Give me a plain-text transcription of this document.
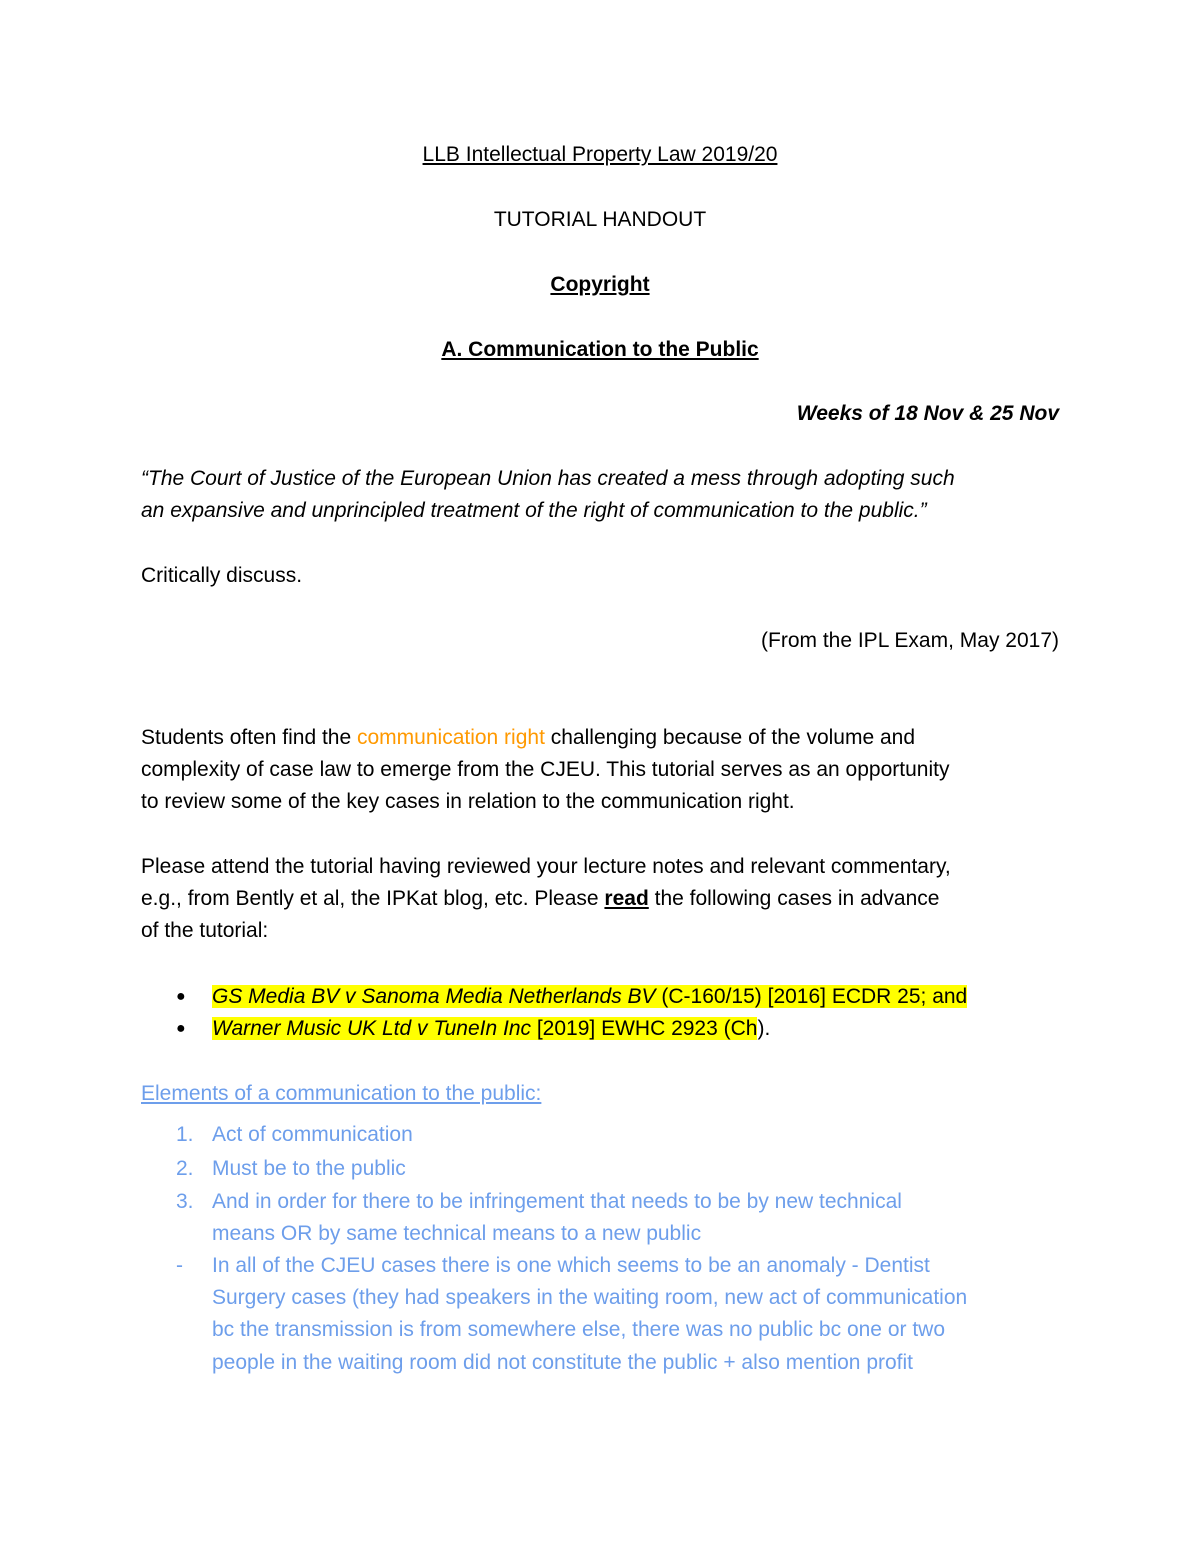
LLB Intellectual Property Law 2019/20
TUTORIAL HANDOUT
Copyright
A. Communication to the Public
Weeks of 18 Nov & 25 Nov
“The Court of Justice of the European Union has created a mess through adopting such
an expansive and unprincipled treatment of the right of communication to the public.”
Critically discuss.
(From the IPL Exam, May 2017)
Students often find the communication right challenging because of the volume and
complexity of case law to emerge from the CJEU. This tutorial serves as an opportunity
to review some of the key cases in relation to the communication right.
Please attend the tutorial having reviewed your lecture notes and relevant commentary,
e.g., from Bently et al, the IPKat blog, etc. Please read the following cases in advance
of the tutorial:
● GS Media BV v Sanoma Media Netherlands BV (C-160/15) [2016] ECDR 25; and
● Warner Music UK Ltd v TuneIn Inc [2019] EWHC 2923 (Ch).
Elements of a communication to the public:
1. Act of communication
2. Must be to the public
3. And in order for there to be infringement that needs to be by new technical
means OR by same technical means to a new public
- In all of the CJEU cases there is one which seems to be an anomaly - Dentist
Surgery cases (they had speakers in the waiting room, new act of communication
bc the transmission is from somewhere else, there was no public bc one or two
people in the waiting room did not constitute the public + also mention profit
